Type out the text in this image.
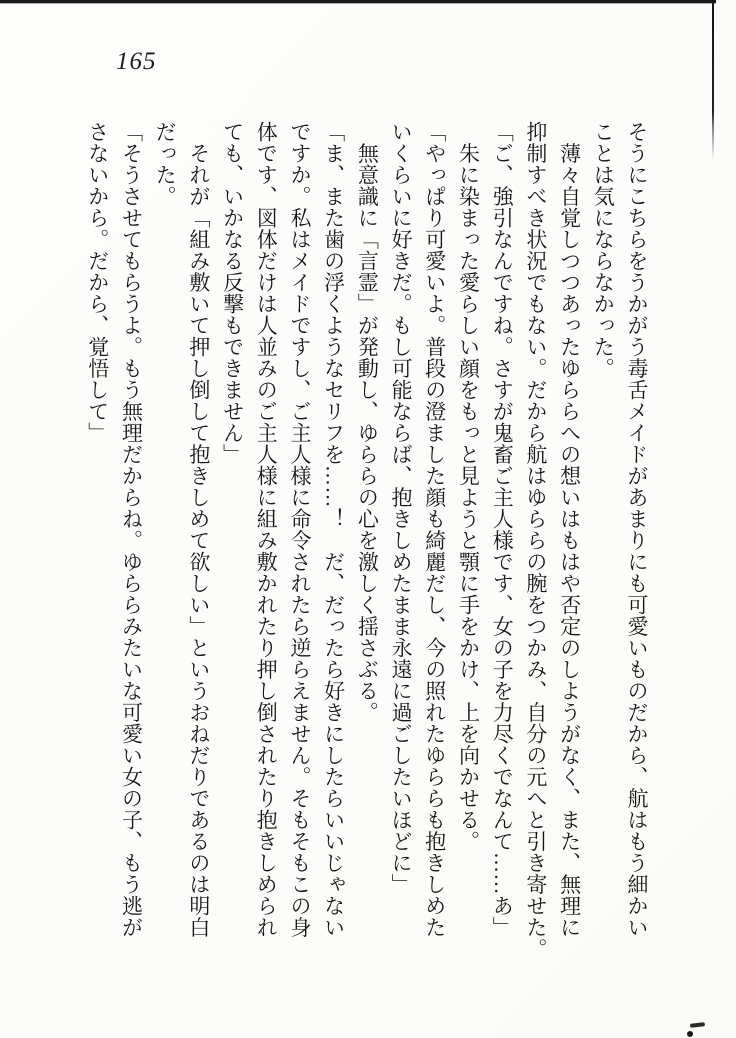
165

そうにこちらをうかがう毒舌メイドがあまりにも可愛いものだから、航はもう細かい

ことは気にならなかった。

　薄々自覚しつつあったゆららへの想いはもはや否定のしようがなく、また、無理に

抑制すべき状況でもない。だから航はゆららの腕をつかみ、自分の元へと引き寄せた。

「ご、強引なんですね。さすが鬼畜ご主人様です、女の子を力尽くでなんて……あ」

　朱に染まった愛らしい顔をもっと見ようと顎に手をかけ、上を向かせる。

「やっぱり可愛いよ。普段の澄ました顔も綺麗だし、今の照れたゆららも抱きしめた

いくらいに好きだ。もし可能ならば、抱きしめたまま永遠に過ごしたいほどに」

　無意識に「言霊」が発動し、ゆららの心を激しく揺さぶる。

「ま、また歯の浮くようなセリフを……！　だ、だったら好きにしたらいいじゃない

ですか。私はメイドですし、ご主人様に命令されたら逆らえません。そもそもこの身

体です、図体だけは人並みのご主人様に組み敷かれたり押し倒されたり抱きしめられ

ても、いかなる反撃もできません」

　それが「組み敷いて押し倒して抱きしめて欲しい」というおねだりであるのは明白

だった。

「そうさせてもらうよ。もう無理だからね。ゆららみたいな可愛い女の子、もう逃が

さないから。だから、覚悟して」
